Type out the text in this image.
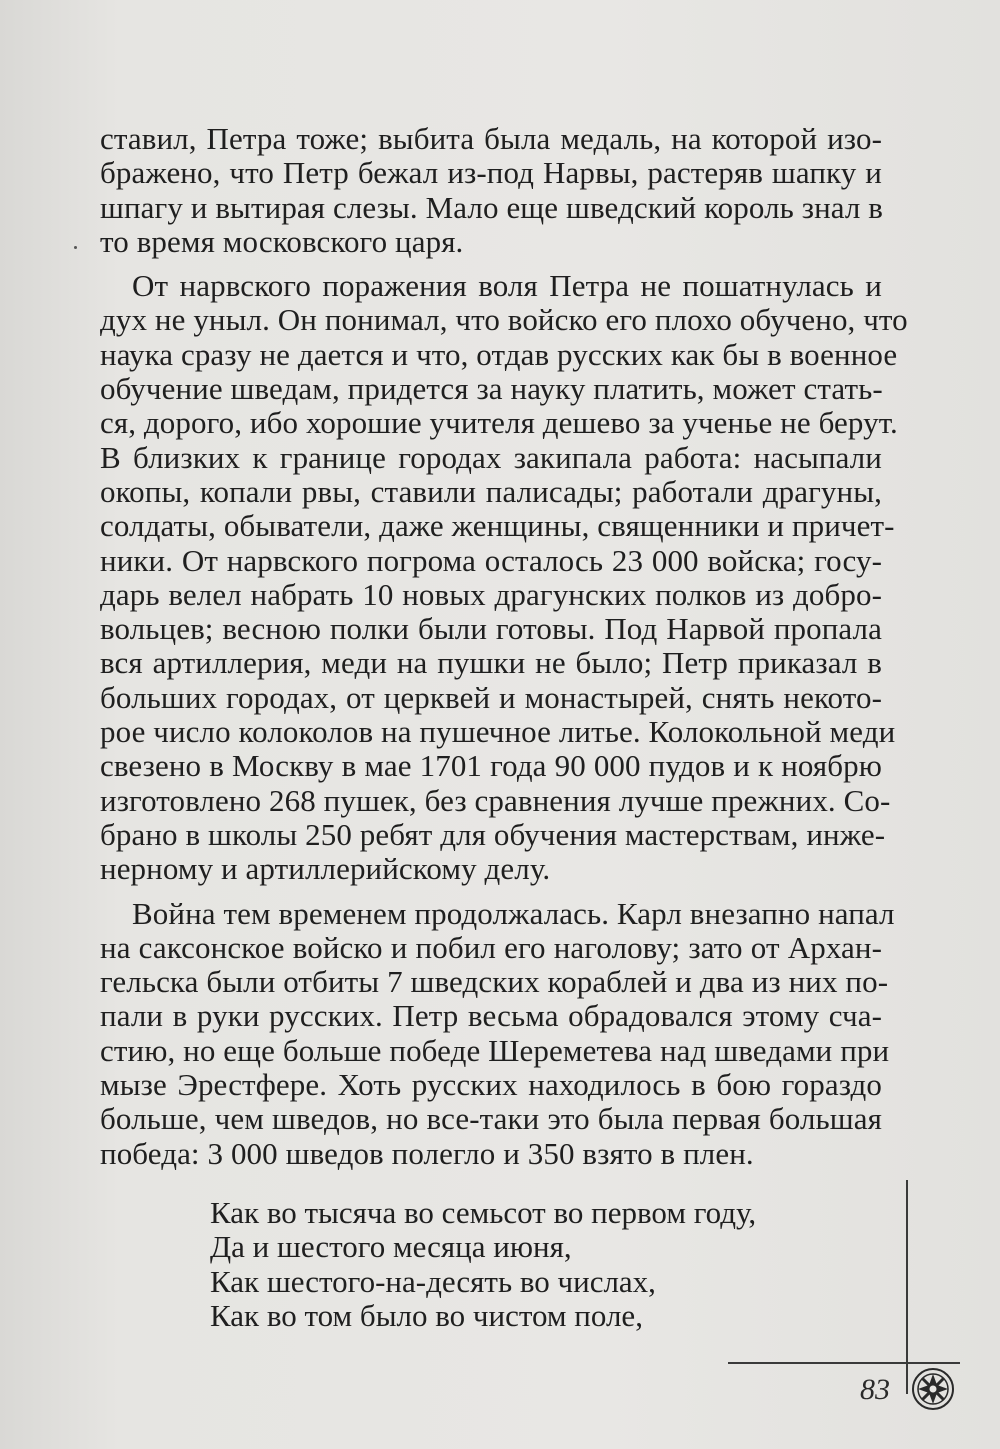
ставил, Петра тоже; выбита была медаль, на которой изо-
бражено, что Петр бежал из-под Нарвы, растеряв шапку и
шпагу и вытирая слезы. Мало еще шведский король знал в
то время московского царя.
От нарвского поражения воля Петра не пошатнулась и
дух не уныл. Он понимал, что войско его плохо обучено, что
наука сразу не дается и что, отдав русских как бы в военное
обучение шведам, придется за науку платить, может стать-
ся, дорого, ибо хорошие учителя дешево за ученье не берут.
В близких к границе городах закипала работа: насыпали
окопы, копали рвы, ставили палисады; работали драгуны,
солдаты, обыватели, даже женщины, священники и причет-
ники. От нарвского погрома осталось 23 000 войска; госу-
дарь велел набрать 10 новых драгунских полков из добро-
вольцев; весною полки были готовы. Под Нарвой пропала
вся артиллерия, меди на пушки не было; Петр приказал в
больших городах, от церквей и монастырей, снять некото-
рое число колоколов на пушечное литье. Колокольной меди
свезено в Москву в мае 1701 года 90 000 пудов и к ноябрю
изготовлено 268 пушек, без сравнения лучше прежних. Со-
брано в школы 250 ребят для обучения мастерствам, инже-
нерному и артиллерийскому делу.
Война тем временем продолжалась. Карл внезапно напал
на саксонское войско и побил его наголову; зато от Архан-
гельска были отбиты 7 шведских кораблей и два из них по-
пали в руки русских. Петр весьма обрадовался этому сча-
стию, но еще больше победе Шереметева над шведами при
мызе Эрестфере. Хоть русских находилось в бою гораздо
больше, чем шведов, но все-таки это была первая большая
победа: 3 000 шведов полегло и 350 взято в плен.
Как во тысяча во семьсот во первом году,
Да и шестого месяца июня,
Как шестого-на-десять во числах,
Как во том было во чистом поле,
83
